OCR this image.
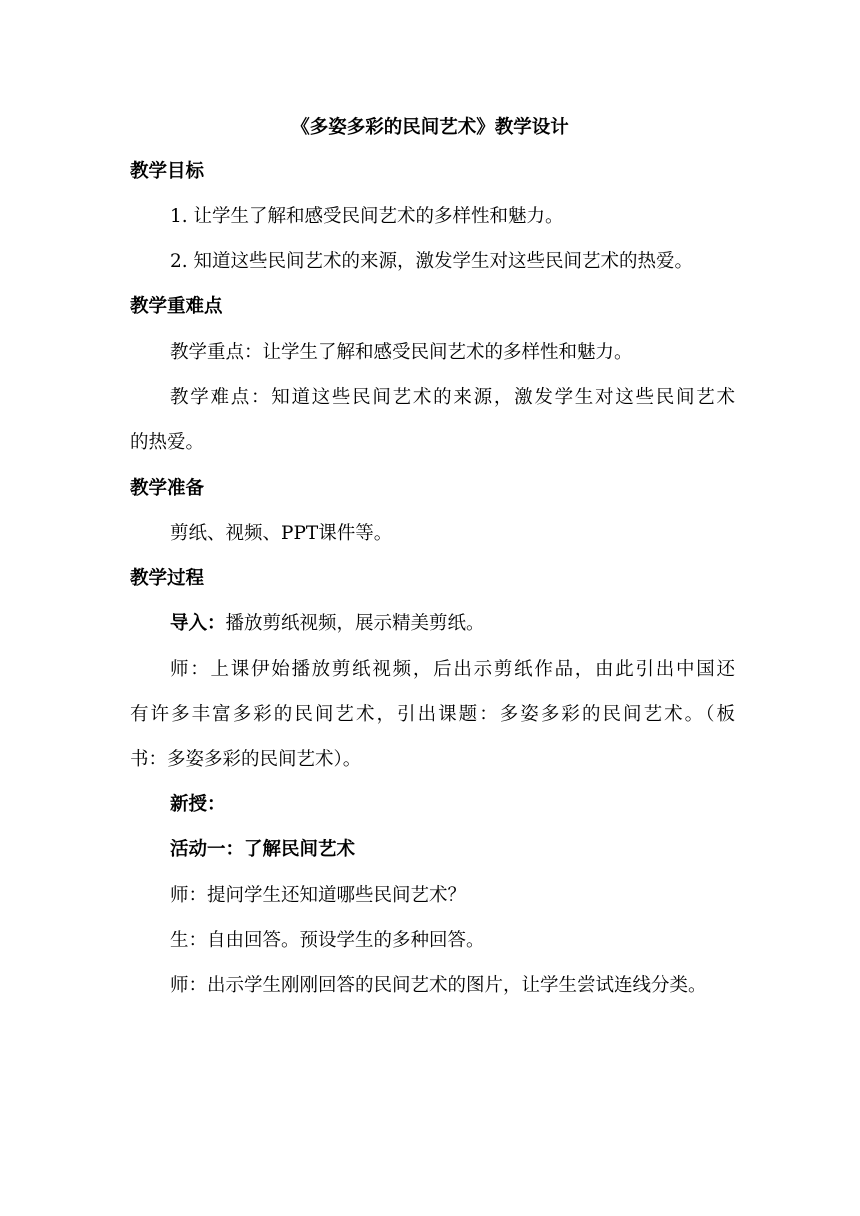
《多姿多彩的民间艺术》教学设计
教学目标
1. 让学生了解和感受民间艺术的多样性和魅力。
2. 知道这些民间艺术的来源，激发学生对这些民间艺术的热爱。
教学重难点
教学重点：让学生了解和感受民间艺术的多样性和魅力。
教学难点：知道这些民间艺术的来源，激发学生对这些民间艺术
的热爱。
教学准备
剪纸、视频、PPT课件等。
教学过程
导入：播放剪纸视频，展示精美剪纸。
师：上课伊始播放剪纸视频，后出示剪纸作品，由此引出中国还
有许多丰富多彩的民间艺术，引出课题：多姿多彩的民间艺术。（板
书：多姿多彩的民间艺术）。
新授：
活动一：了解民间艺术
师：提问学生还知道哪些民间艺术？
生：自由回答。预设学生的多种回答。
师：出示学生刚刚回答的民间艺术的图片，让学生尝试连线分类。
